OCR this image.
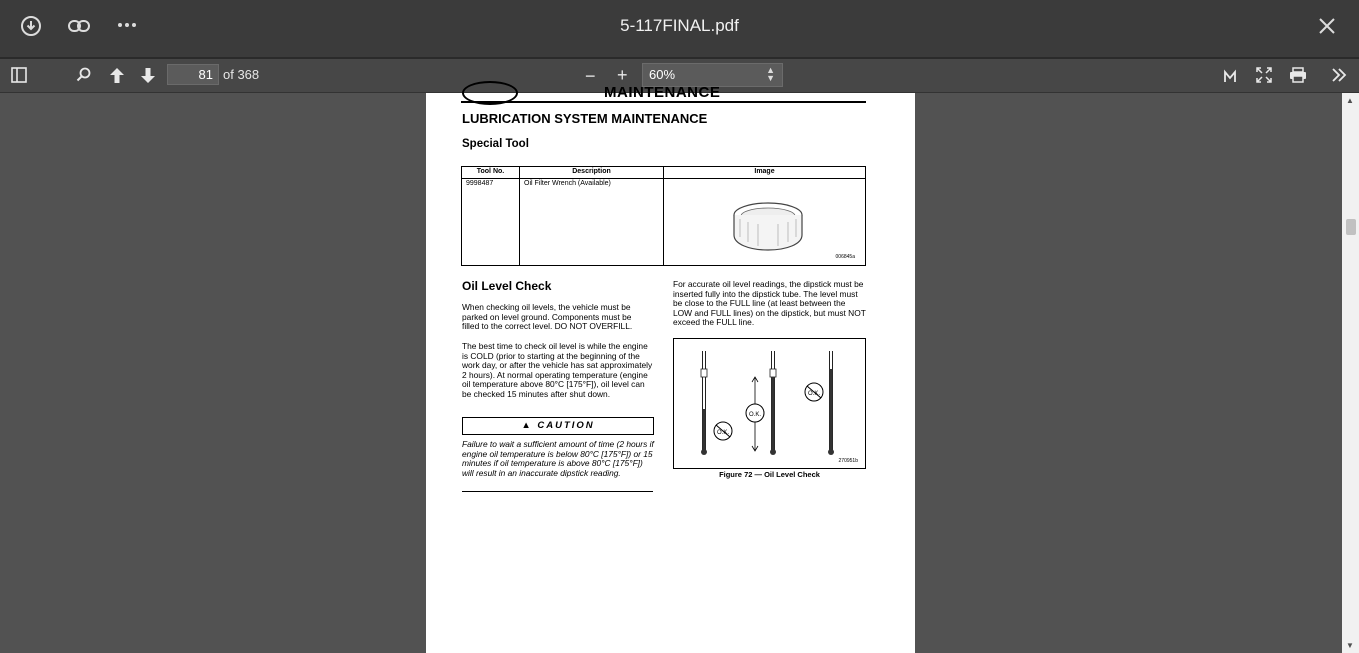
5-117FINAL.pdf
81 of 368	− +	60%	▲
▼
MAINTENANCE
LUBRICATION SYSTEM MAINTENANCE
Special Tool
Tool No.	Description	Image
9998487	Oil Filter Wrench (Available)	006845a
Oil Level Check
When checking oil levels, the vehicle must be parked on level ground. Components must be filled to the correct level. DO NOT OVERFILL.
The best time to check oil level is while the engine is COLD (prior to starting at the beginning of the work day, or after the vehicle has sat approximately 2 hours). At normal operating temperature (engine oil temperature above 80°C [175°F]), oil level can be checked 15 minutes after shut down.
▲ CAUTION
Failure to wait a sufficient amount of time (2 hours if engine oil temperature is below 80°C [175°F]) or 15 minutes if oil temperature is above 80°C [175°F]) will result in an inaccurate dipstick reading.
For accurate oil level readings, the dipstick must be inserted fully into the dipstick tube. The level must be close to the FULL line (at least between the LOW and FULL lines) on the dipstick, but must NOT exceed the FULL line.
O.K.
O.K.
O.K.
270951b
Figure 72 — Oil Level Check
▲
▼
